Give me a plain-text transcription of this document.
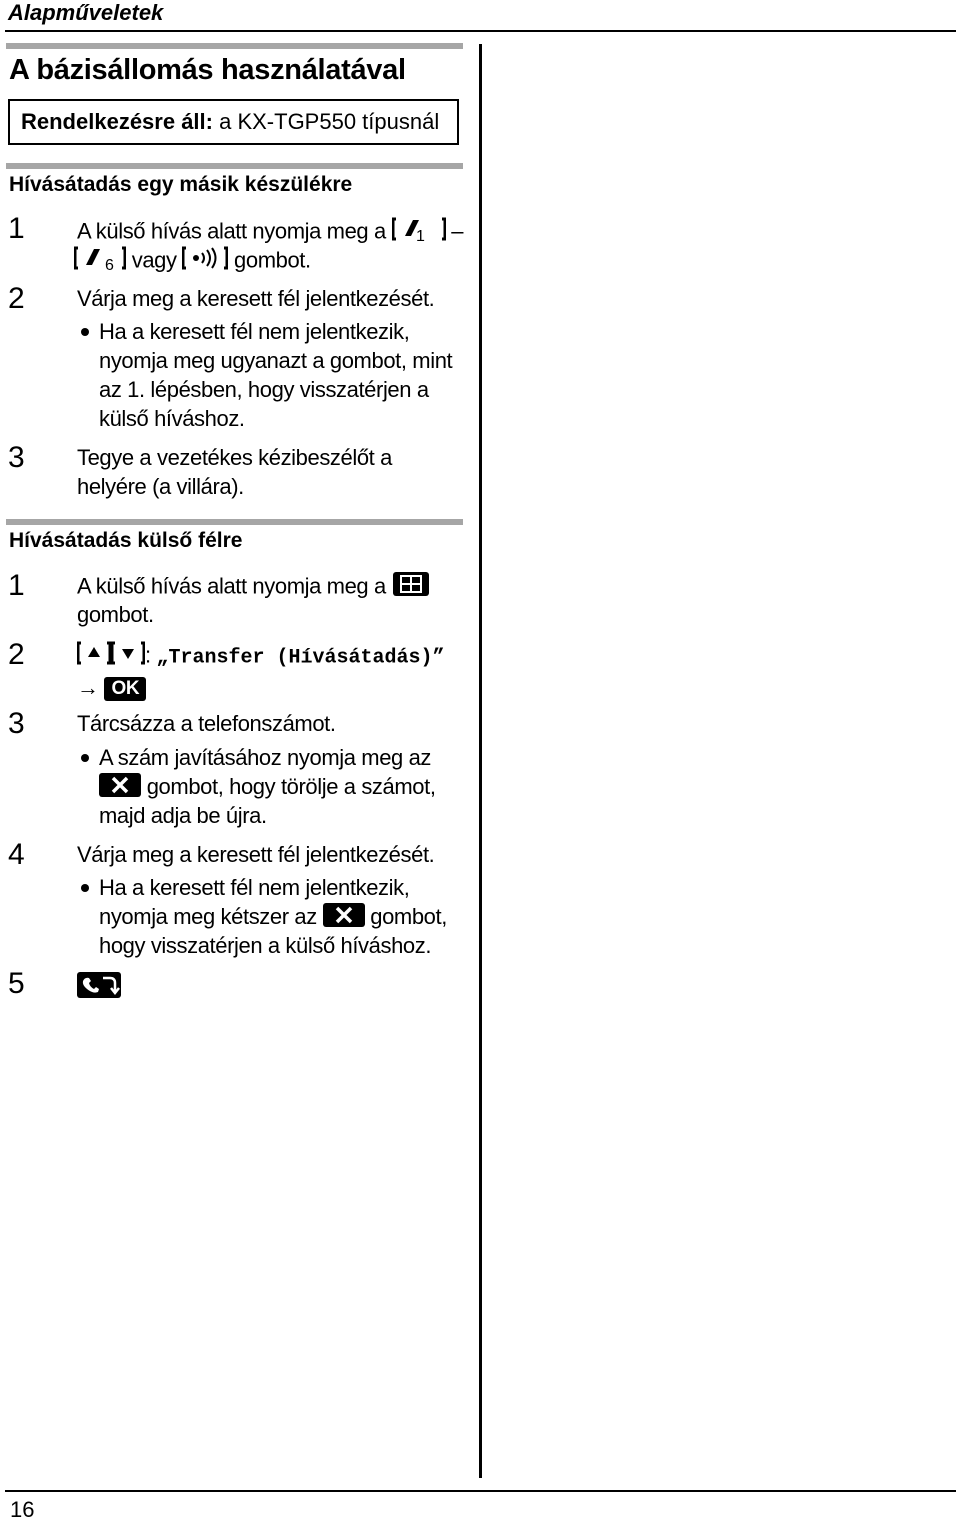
Alapműveletek
A bázisállomás használatával
Rendelkezésre áll: a KX-TGP550 típusnál
Hívásátadás egy másik készülékre
1 A külső hívás alatt nyomja meg a 1 –

6 vagy	gombot.
2 Várja meg a keresett fél jelentkezését.
Ha a keresett fél nem jelentkezik,
nyomja meg ugyanazt a gombot, mint
az 1. lépésben, hogy visszatérjen a
külső híváshoz.
3 Tegye a vezetékes kézibeszélőt a
helyére (a villára).
Hívásátadás külső félre
1 A külső hívás alatt nyomja meg a
gombot.
2	: „Transfer (Hívásátadás)”
→ OK
3 Tárcsázza a telefonszámot.
A szám javításához nyomja meg az
gombot, hogy törölje a számot,
majd adja be újra.
4 Várja meg a keresett fél jelentkezését.
Ha a keresett fél nem jelentkezik,
nyomja meg kétszer az gombot,
hogy visszatérjen a külső híváshoz.
5
16
